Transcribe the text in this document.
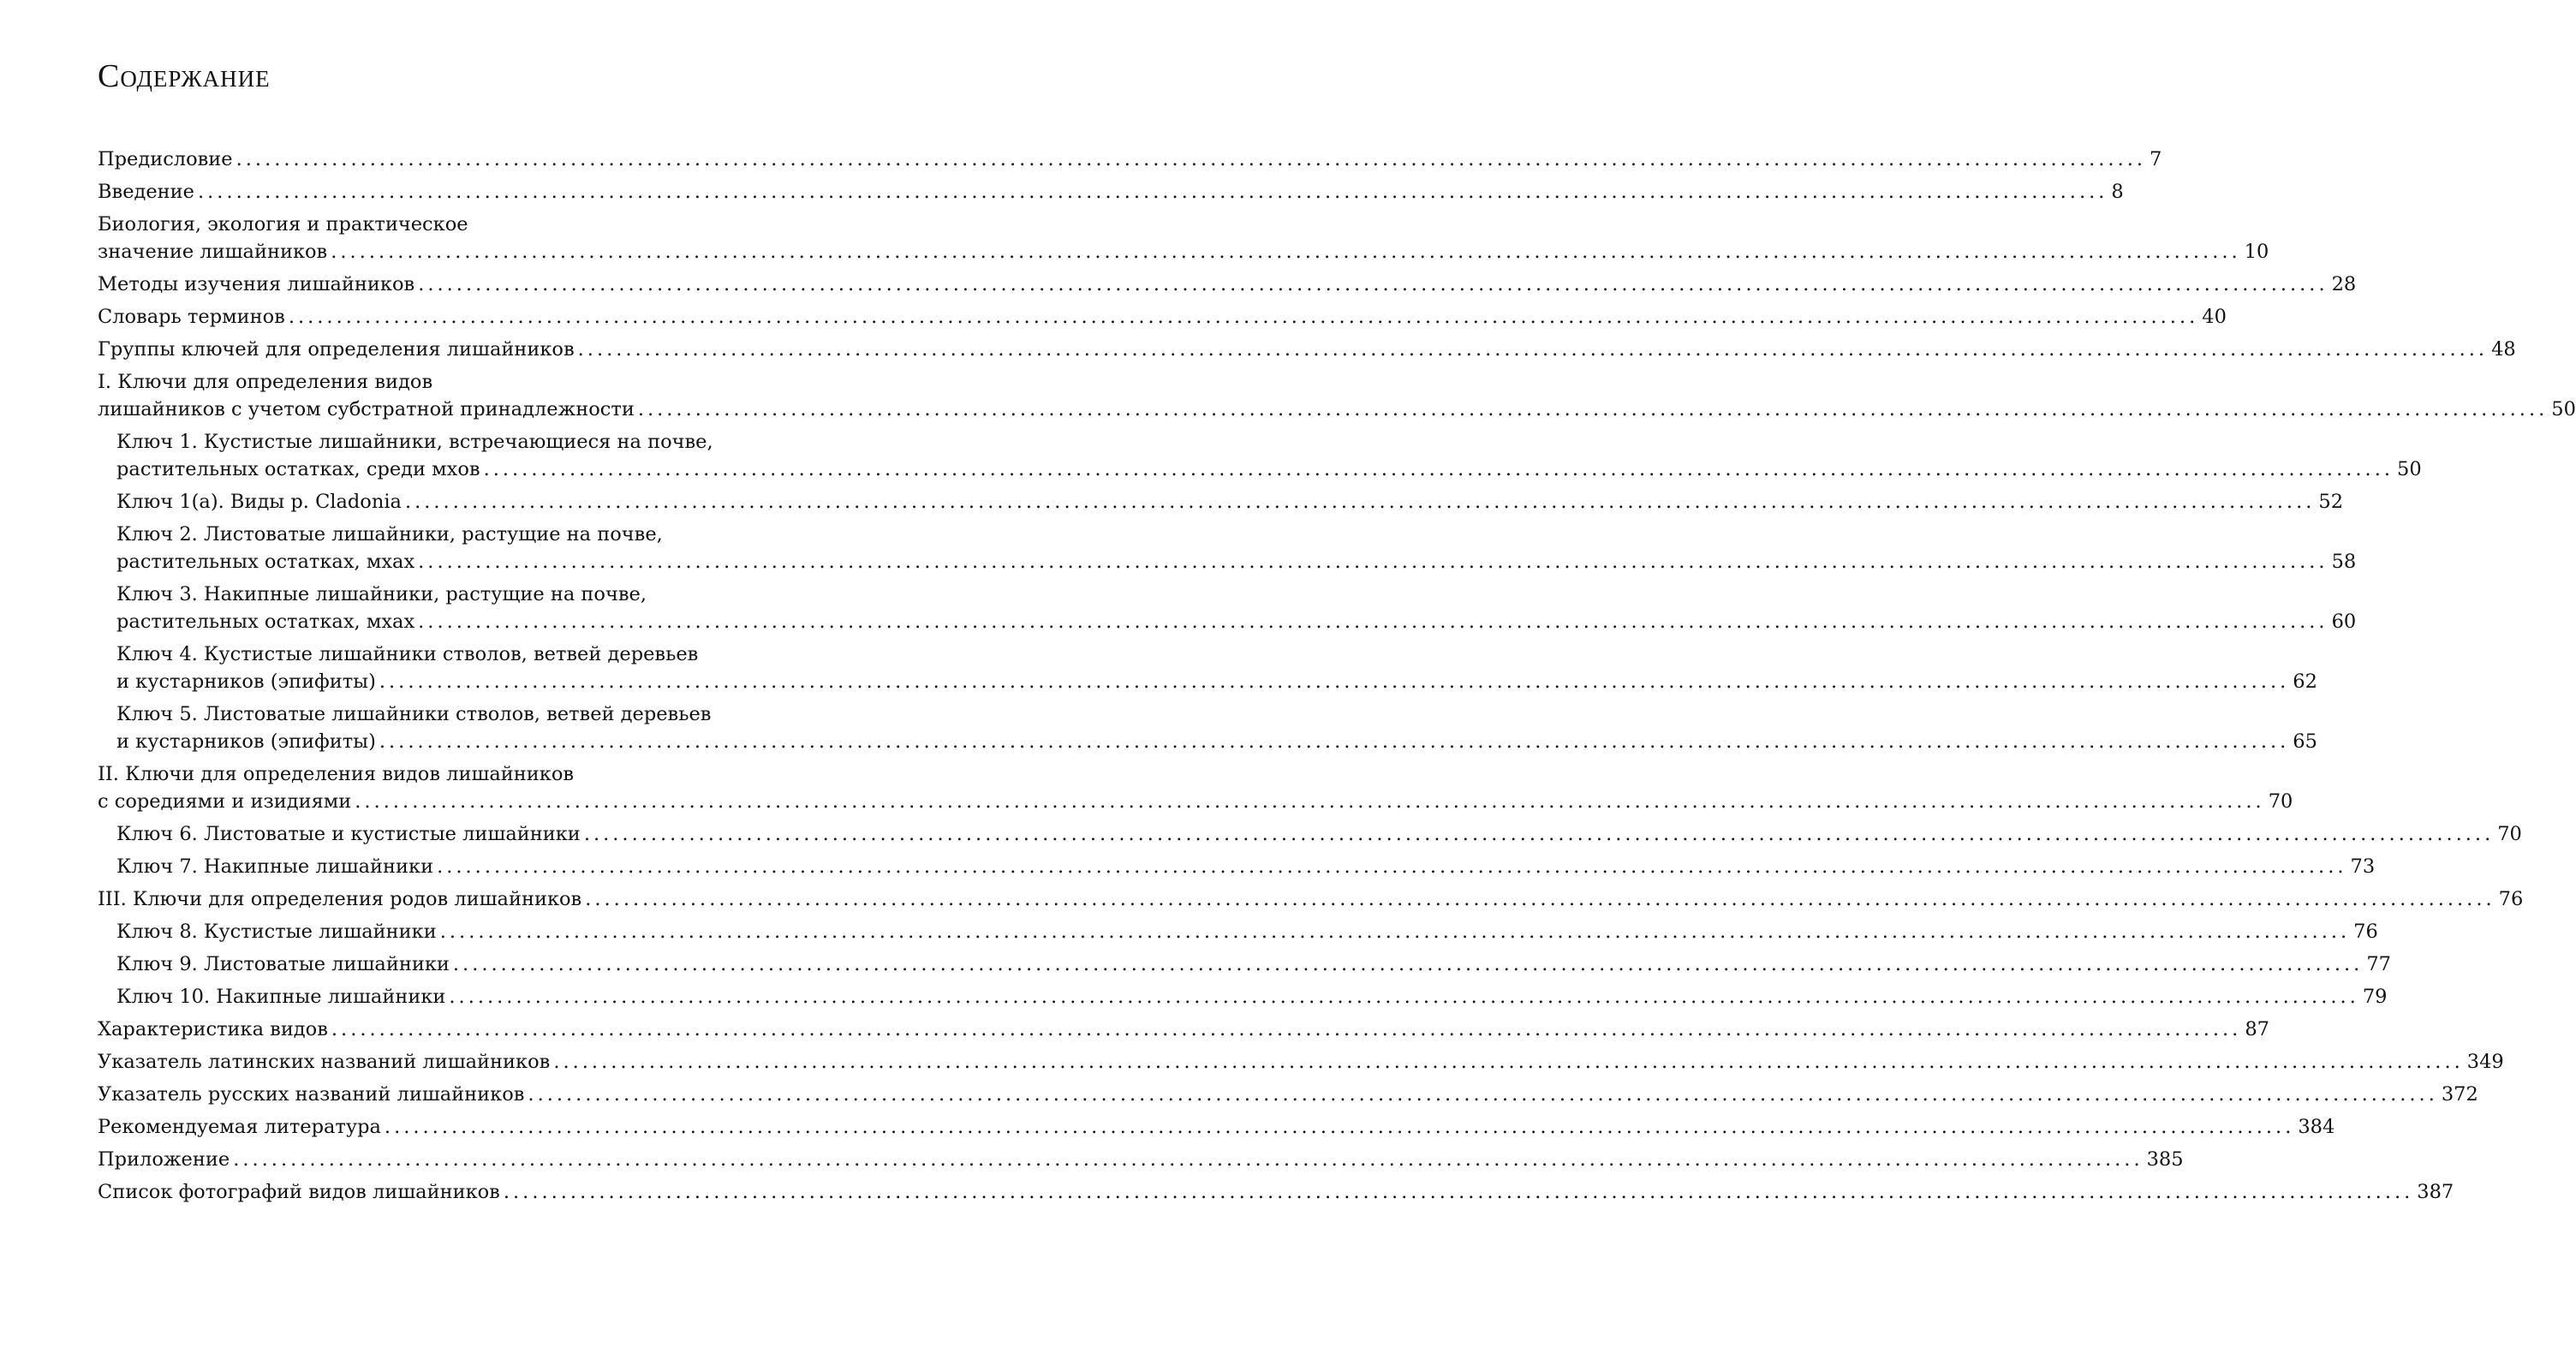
Содержание
Предисловие ........................................................................................................................................................................................................ 7
Введение ........................................................................................................................................................................................................ 8
Биология, экология и практическое
значение лишайников ........................................................................................................................................................................................................ 10
Методы изучения лишайников ........................................................................................................................................................................................................ 28
Словарь терминов ........................................................................................................................................................................................................ 40
Группы ключей для определения лишайников ........................................................................................................................................................................................................ 48
I. Ключи для определения видов
лишайников с учетом субстратной принадлежности ........................................................................................................................................................................................................ 50
Ключ 1. Кустистые лишайники, встречающиеся на почве,
растительных остатках, среди мхов ........................................................................................................................................................................................................ 50
Ключ 1(а). Виды р. Cladonia ........................................................................................................................................................................................................ 52
Ключ 2. Листоватые лишайники, растущие на почве,
растительных остатках, мхах ........................................................................................................................................................................................................ 58
Ключ 3. Накипные лишайники, растущие на почве,
растительных остатках, мхах ........................................................................................................................................................................................................ 60
Ключ 4. Кустистые лишайники стволов, ветвей деревьев
и кустарников (эпифиты) ........................................................................................................................................................................................................ 62
Ключ 5. Листоватые лишайники стволов, ветвей деревьев
и кустарников (эпифиты) ........................................................................................................................................................................................................ 65
II. Ключи для определения видов лишайников
с соредиями и изидиями ........................................................................................................................................................................................................ 70
Ключ 6. Листоватые и кустистые лишайники ........................................................................................................................................................................................................ 70
Ключ 7. Накипные лишайники ........................................................................................................................................................................................................ 73
III. Ключи для определения родов лишайников ........................................................................................................................................................................................................ 76
Ключ 8. Кустистые лишайники ........................................................................................................................................................................................................ 76
Ключ 9. Листоватые лишайники ........................................................................................................................................................................................................ 77
Ключ 10. Накипные лишайники ........................................................................................................................................................................................................ 79
Характеристика видов ........................................................................................................................................................................................................ 87
Указатель латинских названий лишайников ........................................................................................................................................................................................................ 349
Указатель русских названий лишайников ........................................................................................................................................................................................................ 372
Рекомендуемая литература ........................................................................................................................................................................................................ 384
Приложение ........................................................................................................................................................................................................ 385
Список фотографий видов лишайников ........................................................................................................................................................................................................ 387
